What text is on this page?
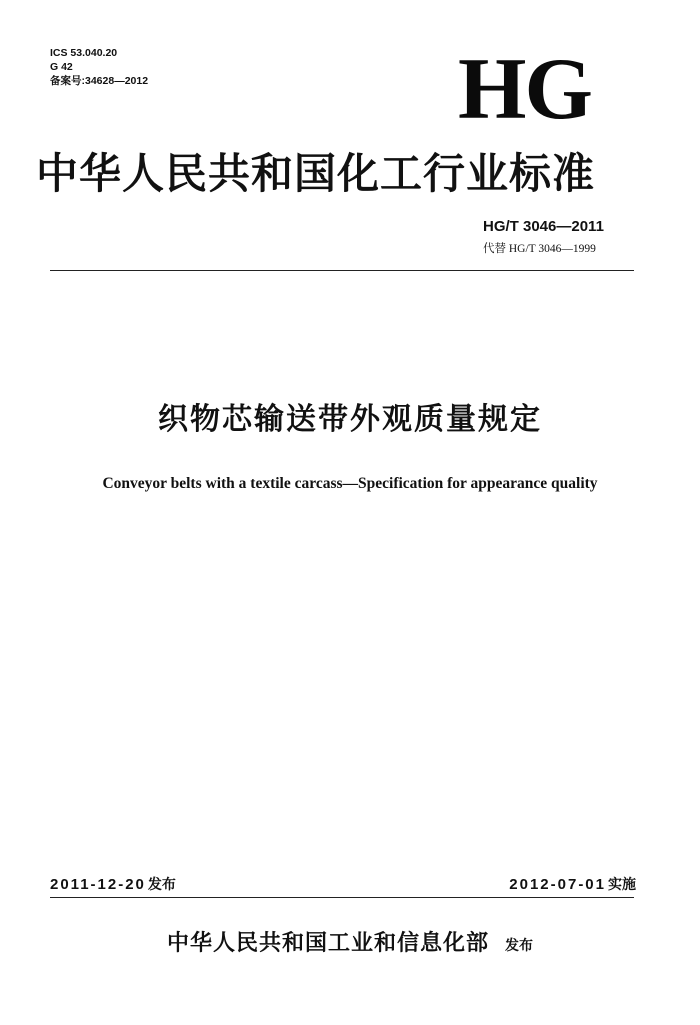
ICS 53.040.20
G 42
备案号:34628—2012	HG
中华人民共和国化工行业标准
HG/T 3046—2011
代替 HG/T 3046—1999
织物芯输送带外观质量规定
Conveyor belts with a textile carcass—Specification for appearance quality
2011-12-20 发布	2012-07-01 实施
中华人民共和国工业和信息化部 发布
